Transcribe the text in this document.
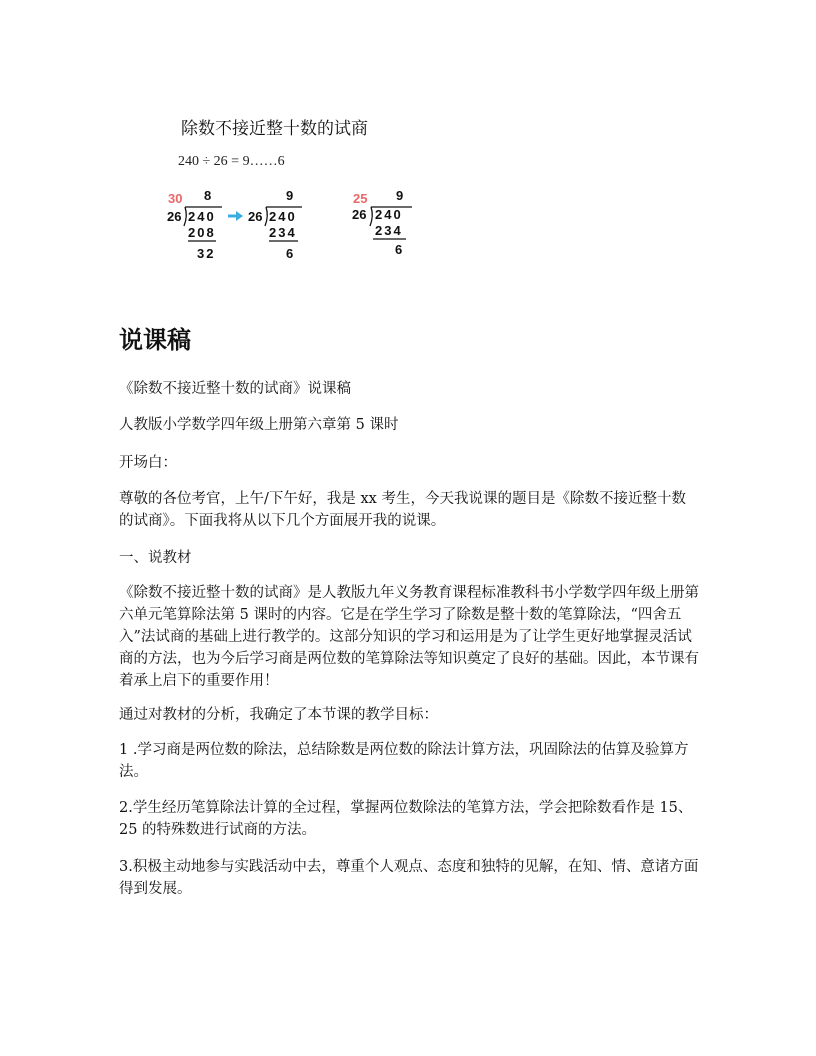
除数不接近整十数的试商
240 ÷ 26 = 9……6
30 8
26 240
208
32
9
26 240
234
6
25 9
26 240
234
6
说课稿

《除数不接近整十数的试商》说课稿

人教版小学数学四年级上册第六章第 5 课时

开场白：

尊敬的各位考官，上午/下午好，我是 xx 考生，今天我说课的题目是《除数不接近整十数的试商》。下面我将从以下几个方面展开我的说课。

一、说教材

《除数不接近整十数的试商》是人教版九年义务教育课程标准教科书小学数学四年级上册第六单元笔算除法第 5 课时的内容。它是在学生学习了除数是整十数的笔算除法，“四舍五入”法试商的基础上进行教学的。这部分知识的学习和运用是为了让学生更好地掌握灵活试商的方法，也为今后学习商是两位数的笔算除法等知识奠定了良好的基础。因此，本节课有着承上启下的重要作用！

通过对教材的分析，我确定了本节课的教学目标：

1 .学习商是两位数的除法，总结除数是两位数的除法计算方法，巩固除法的估算及验算方法。

2.学生经历笔算除法计算的全过程，掌握两位数除法的笔算方法，学会把除数看作是 15、25 的特殊数进行试商的方法。

3.积极主动地参与实践活动中去，尊重个人观点、态度和独特的见解，在知、情、意诸方面得到发展。
